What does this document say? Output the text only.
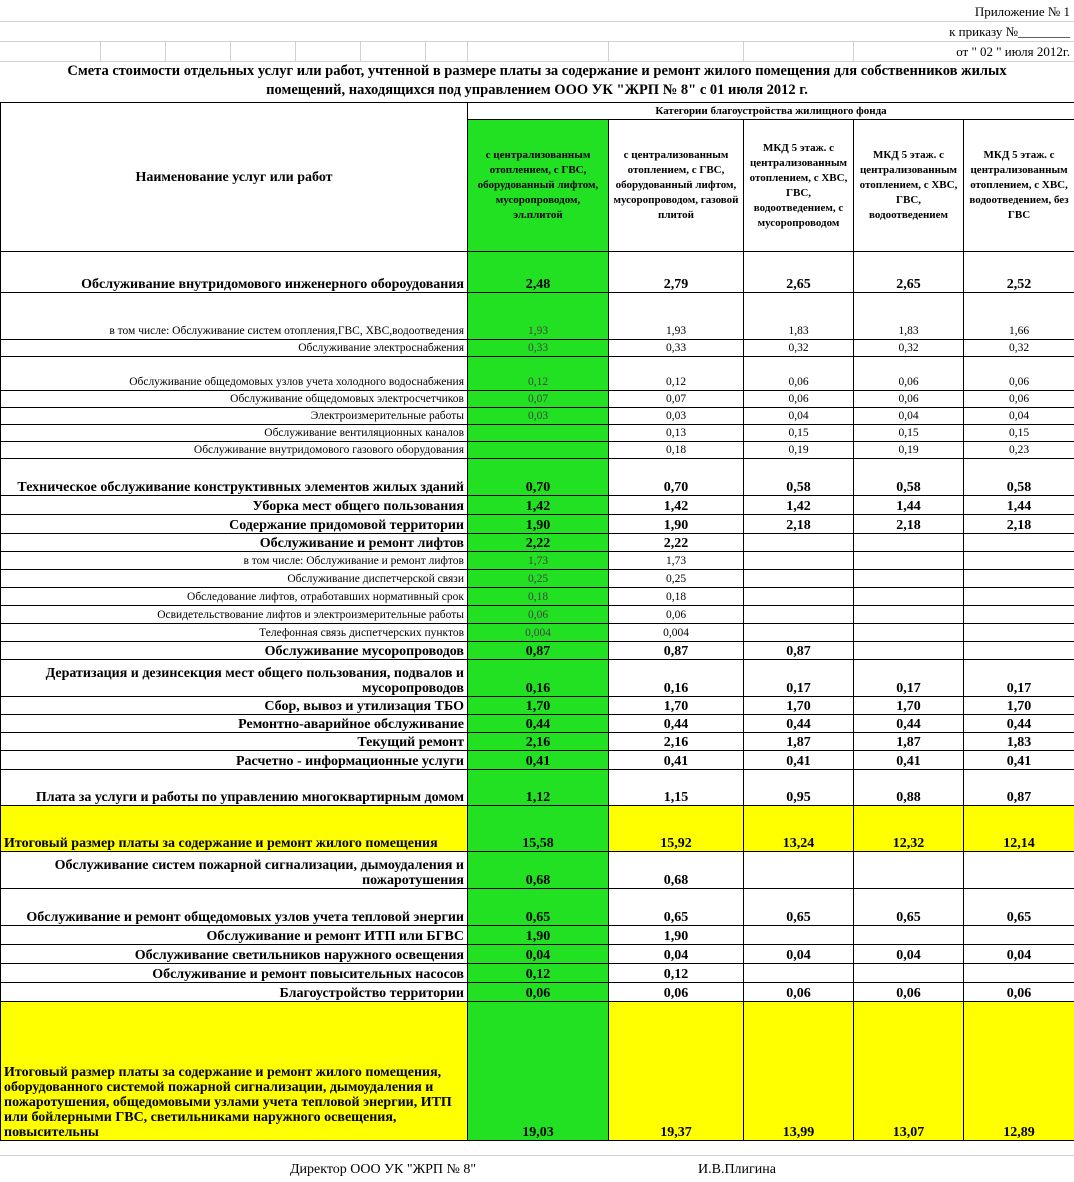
Приложение № 1
к приказу №________
от " 02 " июля 2012г.
Смета стоимости отдельных услуг или работ, учтенной в размере платы за содержание и ремонт жилого помещения для собственников жилых
помещений, находящихся под управлением ООО УК "ЖРП № 8" с 01 июля 2012 г.
Наименование услуг или работ	Категории благоустройства жилищного фонда				
	с централизованным отоплением, с ГВС, оборудованный лифтом, мусоропроводом, эл.плитой	с централизованным отоплением, с ГВС, оборудованный лифтом, мусоропроводом, газовой плитой	МКД 5 этаж. с централизованным отоплением, с ХВС, ГВС, водоотведением, с мусоропроводом	МКД 5 этаж. с централизованным отоплением, с ХВС, ГВС, водоотведением	МКД 5 этаж. с централизованным отоплением, с ХВС, водоотведением, без ГВС
Обслуживание внутридомового инженерного обороудования	2,48	2,79	2,65	2,65	2,52
в том числе: Обслуживание систем отопления,ГВС, ХВС,водоотведения	1,93	1,93	1,83	1,83	1,66
Обслуживание электроснабжения	0,33	0,33	0,32	0,32	0,32
Обслуживание общедомовых узлов учета холодного водоснабжения	0,12	0,12	0,06	0,06	0,06
Обслуживание общедомовых электросчетчиков	0,07	0,07	0,06	0,06	0,06
Электроизмерительные работы	0,03	0,03	0,04	0,04	0,04
Обслуживание вентиляционных каналов		0,13	0,15	0,15	0,15
Обслуживание внутридомового газового оборудования		0,18	0,19	0,19	0,23
Техническое обслуживание конструктивных элементов жилых зданий	0,70	0,70	0,58	0,58	0,58
Уборка мест общего пользования	1,42	1,42	1,42	1,44	1,44
Содержание придомовой территории	1,90	1,90	2,18	2,18	2,18
Обслуживание и ремонт лифтов	2,22	2,22			
в том числе: Обслуживание и ремонт лифтов	1,73	1,73			
Обслуживание диспетчерской связи	0,25	0,25			
Обследование лифтов, отработавших нормативный срок	0,18	0,18			
Освидетельствование лифтов и электроизмерительные работы	0,06	0,06			
Телефонная связь диспетчерских пунктов	0,004	0,004			
Обслуживание мусоропроводов	0,87	0,87	0,87		
Дератизация и дезинсекция мест общего пользования, подвалов и мусоропроводов	0,16	0,16	0,17	0,17	0,17
Сбор, вывоз и утилизация ТБО	1,70	1,70	1,70	1,70	1,70
Ремонтно-аварийное обслуживание	0,44	0,44	0,44	0,44	0,44
Текущий ремонт	2,16	2,16	1,87	1,87	1,83
Расчетно - информационные услуги	0,41	0,41	0,41	0,41	0,41
Плата за услуги и работы по управлению многоквартирным домом	1,12	1,15	0,95	0,88	0,87
Итоговый размер платы за содержание и ремонт жилого помещения	15,58	15,92	13,24	12,32	12,14
Обслуживание систем пожарной сигнализации, дымоудаления и пожаротушения	0,68	0,68			
Обслуживание и ремонт общедомовых узлов учета тепловой энергии	0,65	0,65	0,65	0,65	0,65
Обслуживание и ремонт ИТП или БГВС	1,90	1,90			
Обслуживание светильников наружного освещения	0,04	0,04	0,04	0,04	0,04
Обслуживание и ремонт повысительных насосов	0,12	0,12			
Благоустройство территории	0,06	0,06	0,06	0,06	0,06
Итоговый размер платы за содержание и ремонт жилого помещения, оборудованного системой пожарной сигнализации, дымоудаления и пожаротушения, общедомовыми узлами учета тепловой энергии, ИТП или бойлерными ГВС, светильниками наружного освещения, повысительны	19,03	19,37	13,99	13,07	12,89
Директор ООО УК "ЖРП № 8"	И.В.Плигина
